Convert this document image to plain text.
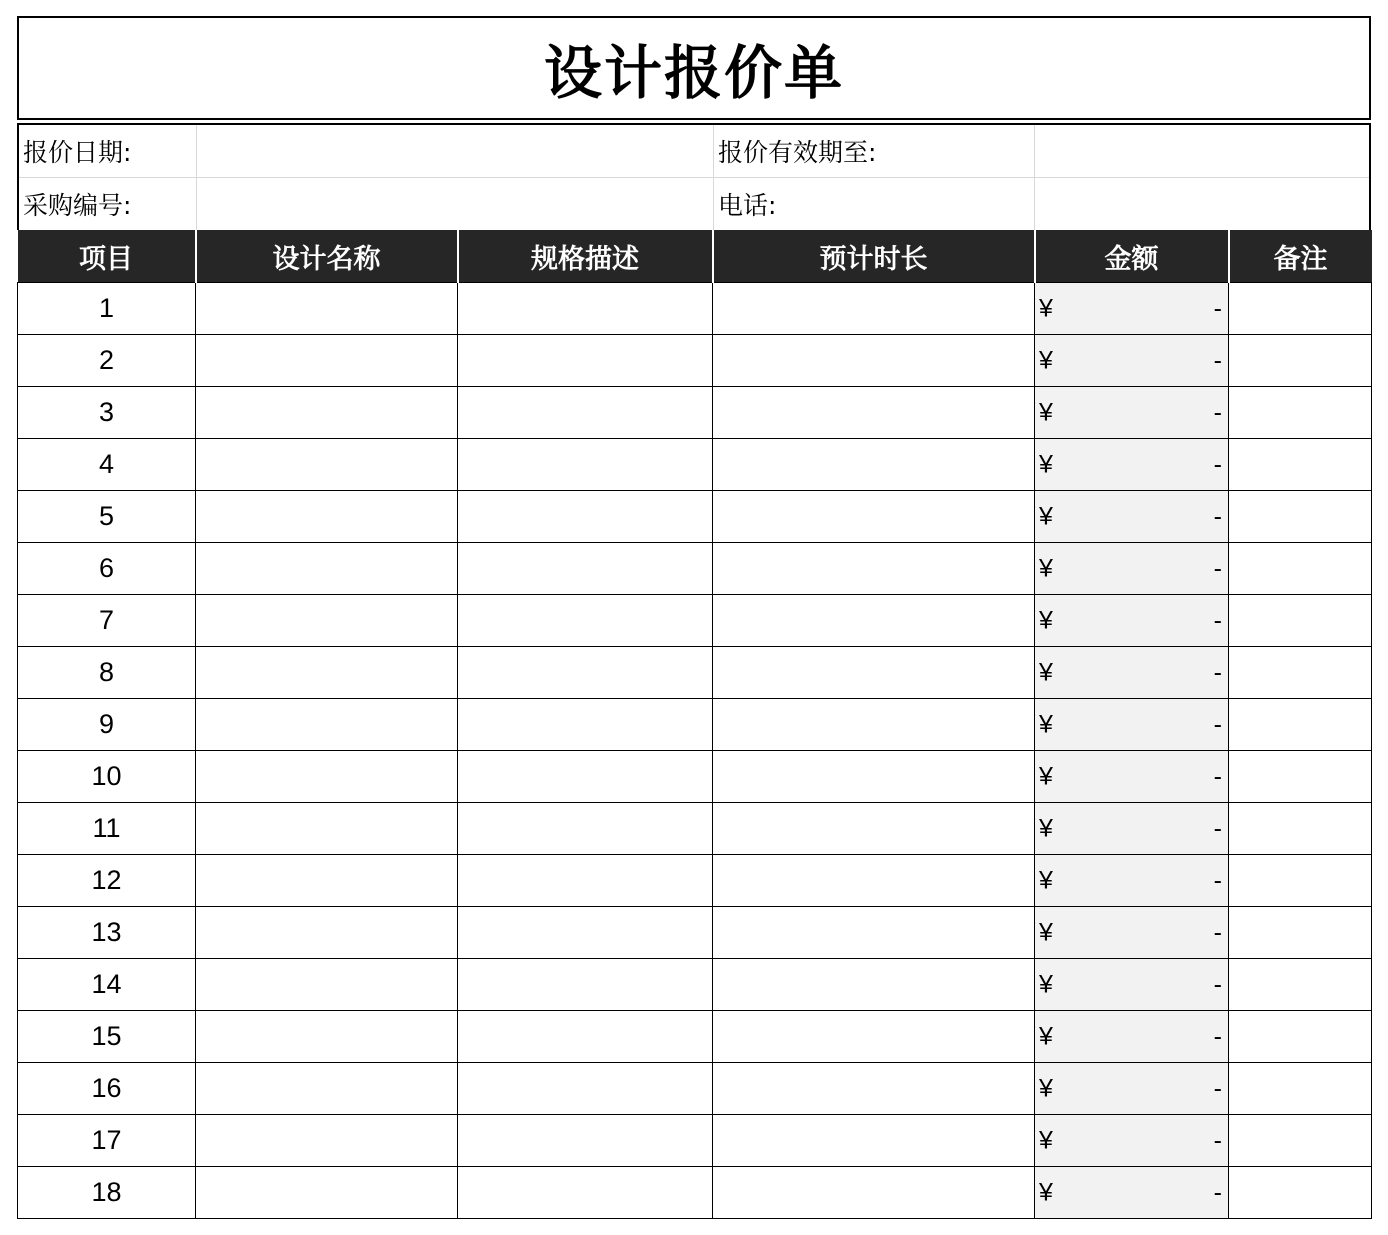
设计报价单
报价日期:	报价有效期至:
采购编号:	电话:
项目	设计名称	规格描述	预计时长	金额	备注
1				¥ -	

2				¥ -	

3				¥ -	

4				¥ -	

5				¥ -	

6				¥ -	

7				¥ -	

8				¥ -	

9				¥ -	

10				¥ -	

11				¥ -	

12				¥ -	

13				¥ -	

14				¥ -	

15				¥ -	

16				¥ -	

17				¥ -	

18				¥ -	
